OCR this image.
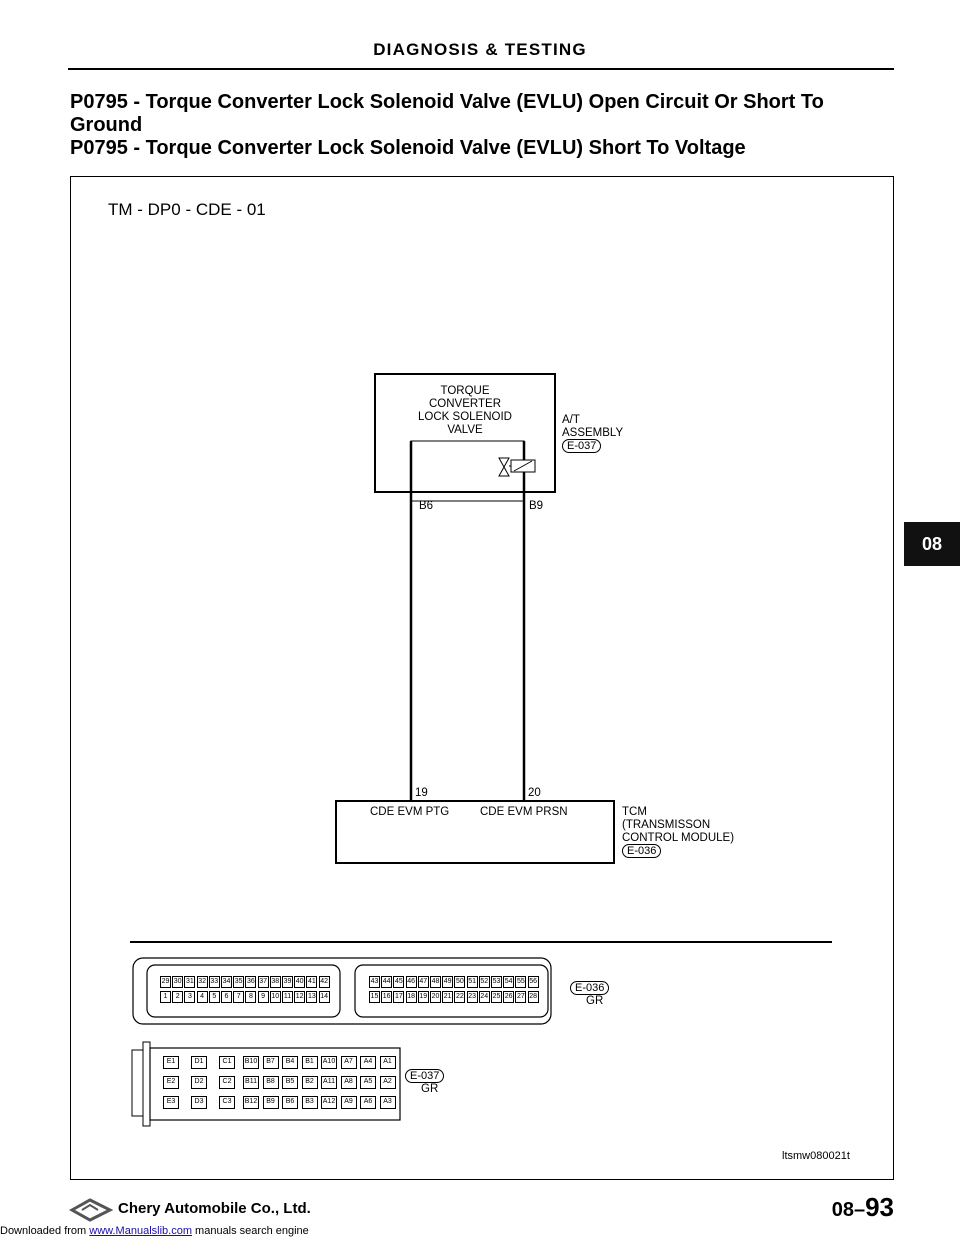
DIAGNOSIS & TESTING
P0795 - Torque Converter Lock Solenoid Valve (EVLU) Open Circuit Or Short To
Ground
P0795 - Torque Converter Lock Solenoid Valve (EVLU) Short To Voltage
TM - DP0 - CDE - 01
TORQUE
CONVERTER
LOCK SOLENOID
VALVE
B6	B9
A/T
ASSEMBLY
E-037
19	20
CDE EVM PTG	CDE EVM PRSN	TCM
(TRANSMISSON
CONTROL MODULE)
E-036
29 30 31 32 33 34 35 36 37 38 39 40 41 42
1	2	3	4	5	6	7	8	9 10 11 12 13 14
43 44 45 46 47 48 49 50 51 52 53 54 55 56
15 16 17 18 19 20 21 22 23 24 25 26 27 28
E-036
GR
E1	D1	C1	B10	B7	B4	B1	A10	A7	A4	A1
E2	D2	C2	B11	B8	B5	B2	A11	A8	A5	A2
E3	D3	C3	B12	B9	B6	B3	A12	A9	A6	A3
E-037
GR
ltsmw080021t
08
Chery Automobile Co., Ltd.	08–93
Downloaded from www.Manualslib.com manuals search engine
